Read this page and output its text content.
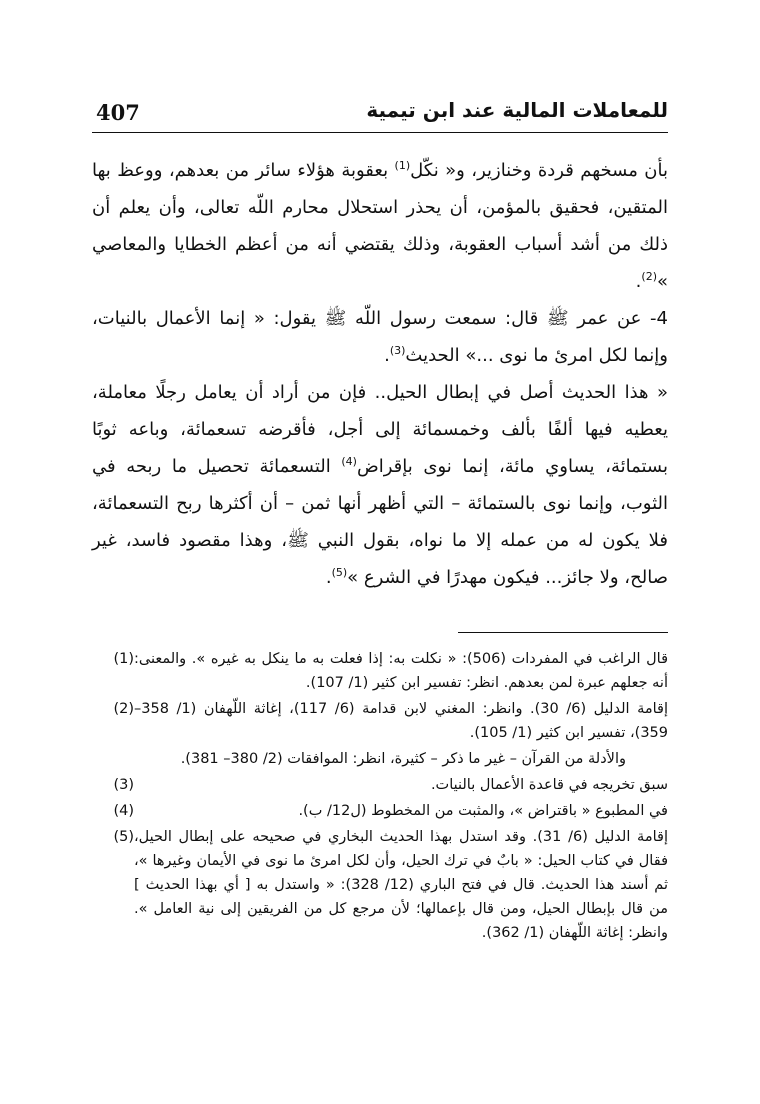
407	للمعاملات المالية عند ابن تيمية

بأن مسخهم قردة وخنازير، و« نكّل$^{(1)}$ بعقوبة هؤلاء سائر من بعدهم، ووعظ بها المتقين، فحقيق بالمؤمن، أن يحذر استحلال محارم اللّه تعالى، وأن يعلم أن ذلك من أشد أسباب العقوبة، وذلك يقتضي أنه من أعظم الخطايا والمعاصي »$^{(2)}$.

4- عن عمر ﷺ قال: سمعت رسول اللّه ﷺ يقول: « إنما الأعمال بالنيات، وإنما لكل امرئ ما نوى ...» الحديث$^{(3)}$.

« هذا الحديث أصل في إبطال الحيل.. فإن من أراد أن يعامل رجلًا معاملة، يعطيه فيها ألفًا بألف وخمسمائة إلى أجل، فأقرضه تسعمائة، وباعه ثوبًا بستمائة، يساوي مائة، إنما نوى بإقراض$^{(4)}$ التسعمائة تحصيل ما ربحه في الثوب، وإنما نوى بالستمائة – التي أظهر أنها ثمن – أن أكثرها ربح التسعمائة، فلا يكون له من عمله إلا ما نواه، بقول النبي ﷺ، وهذا مقصود فاسد، غير صالح، ولا جائز... فيكون مهدرًا في الشرع »$^{(5)}$.

قال الراغب في المفردات (506): « نكلت به: إذا فعلت به ما ينكل به غيره ». والمعنى: أنه جعلهم عبرة لمن بعدهم. انظر: تفسير ابن كثير (1/ 107).
(1)
إقامة الدليل (6/ 30). وانظر: المغني لابن قدامة (6/ 117)، إغاثة اللّهفان (1/ 358– 359)، تفسير ابن كثير (1/ 105).
(2)
والأدلة من القرآن – غير ما ذكر – كثيرة، انظر: الموافقات (2/ 380– 381).
سبق تخريجه في قاعدة الأعمال بالنيات.
(3)
في المطبوع « باقتراض »، والمثبت من المخطوط (ل12/ ب).
(4)
إقامة الدليل (6/ 31). وقد استدل بهذا الحديث البخاري في صحيحه على إبطال الحيل، فقال في كتاب الحيل: « بابٌ في ترك الحيل، وأن لكل امرئ ما نوى في الأيمان وغيرها »، ثم أسند هذا الحديث. قال في فتح الباري (12/ 328): « واستدل به [ أي بهذا الحديث ] من قال بإبطال الحيل، ومن قال بإعمالها؛ لأن مرجع كل من الفريقين إلى نية العامل ». وانظر: إغاثة اللّهفان (1/ 362).
(5)
